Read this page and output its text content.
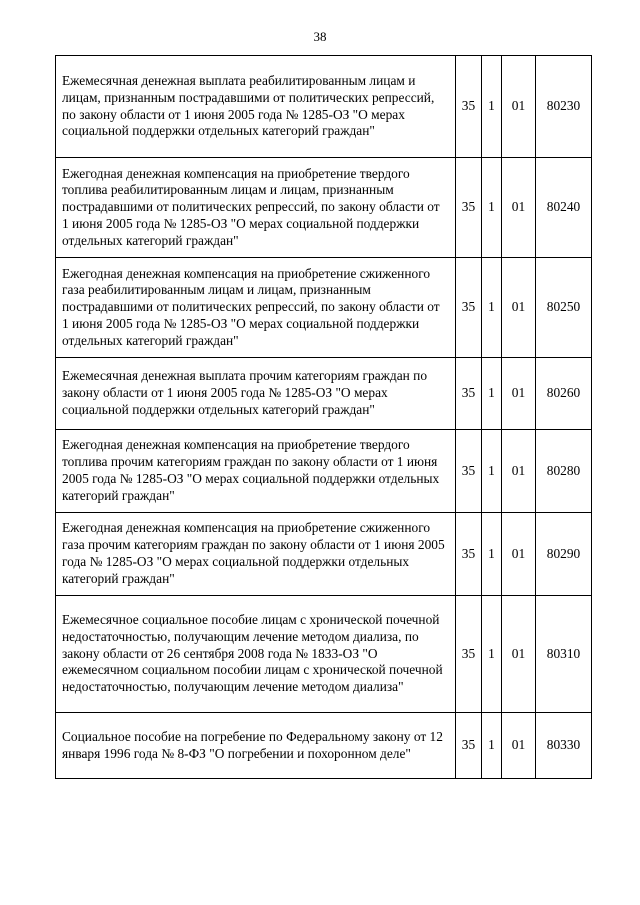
38
Ежемесячная денежная выплата реабилитированным лицам и лицам, признанным пострадавшими от политических репрессий, по закону области от 1 июня 2005 года № 1285-ОЗ "О мерах социальной поддержки отдельных категорий граждан"	35	1	01	80230
Ежегодная денежная компенсация на приобретение твердого топлива реабилитированным лицам и лицам, признанным пострадавшими от политических репрессий, по закону области от 1 июня 2005 года № 1285-ОЗ "О мерах социальной поддержки отдельных категорий граждан"	35	1	01	80240
Ежегодная денежная компенсация на приобретение сжиженного газа реабилитированным лицам и лицам, признанным пострадавшими от политических репрессий, по закону области от 1 июня 2005 года № 1285-ОЗ "О мерах социальной поддержки отдельных категорий граждан"	35	1	01	80250
Ежемесячная денежная выплата прочим категориям граждан по закону области от 1 июня 2005 года № 1285-ОЗ "О мерах социальной поддержки отдельных категорий граждан"	35	1	01	80260
Ежегодная денежная компенсация на приобретение твердого топлива прочим категориям граждан по закону области от 1 июня 2005 года № 1285-ОЗ "О мерах социальной поддержки отдельных категорий граждан"	35	1	01	80280
Ежегодная денежная компенсация на приобретение сжиженного газа прочим категориям граждан по закону области от 1 июня 2005 года № 1285-ОЗ "О мерах социальной поддержки отдельных категорий граждан"	35	1	01	80290
Ежемесячное социальное пособие лицам с хронической почечной недостаточностью, получающим лечение методом диализа, по закону области от 26 сентября 2008 года № 1833-ОЗ "О ежемесячном социальном пособии лицам с хронической почечной недостаточностью, получающим лечение методом диализа"	35	1	01	80310
Социальное пособие на погребение по Федеральному закону от 12 января 1996 года № 8-ФЗ "О погребении и похоронном деле"	35	1	01	80330
